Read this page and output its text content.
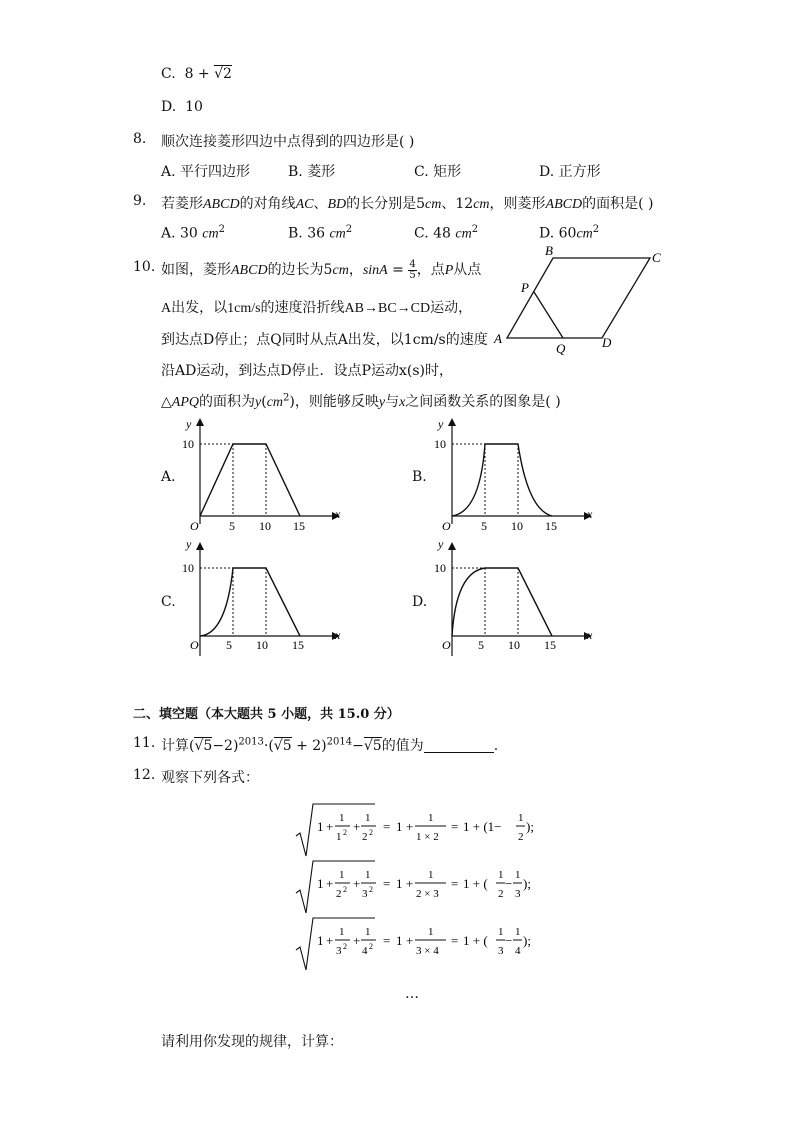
C. 8 + √2
D. 10
8. 顺次连接菱形四边中点得到的四边形是( )
A. 平行四边形	B. 菱形	C. 矩形	D. 正方形
9. 若菱形ABCD的对角线AC、BD的长分别是5cm、12cm，则菱形ABCD的面积是( )
A. 30 $cm^2$	B. 36 $cm^2$	C. 48 $cm^2$	D. $60cm^2$
10. 如图，菱形ABCD的边长为5cm，$\sin A = \frac{4}{5}$ ，点P从点
A出发，以1cm/s的速度沿折线AB→BC→CD运动，
到达点D停止；点Q同时从点A出发，以1cm/s的速度
沿AD运动，到达点D停止．设点P运动x(s)时，
△APQ的面积为$y(cm^2)$，则能够反映y与x之间函数关系的图象是( )
A
B	C
D
P
Q
A.
10
O	5 10 15
x
y
B.
10
O	5 10 15
x
y
C.
10
O 5 10 15
x
y
D.
10
O 5 10 15
x
y
二、填空题（本大题共 5 小题，共 15.0 分）
11. 计算$(√5-2)^{2013}\cdot(√5 + 2)^{2014}-√5$的值为	.
12. 观察下列各式：
1 +
1
1 2 +
1
2 2 = 1 +
1
1 × 2
= 1 + (1−
1
2
);
1 +
1
2 2 +
1
3 2 = 1 +
1
2 × 3
= 1 + (
1
2
−
1
3
);
1 +
1
3 2 +
1
4 2 = 1 +
1
3 × 4
= 1 + (
1
3
−
1
4
);
…
请利用你发现的规律，计算：
